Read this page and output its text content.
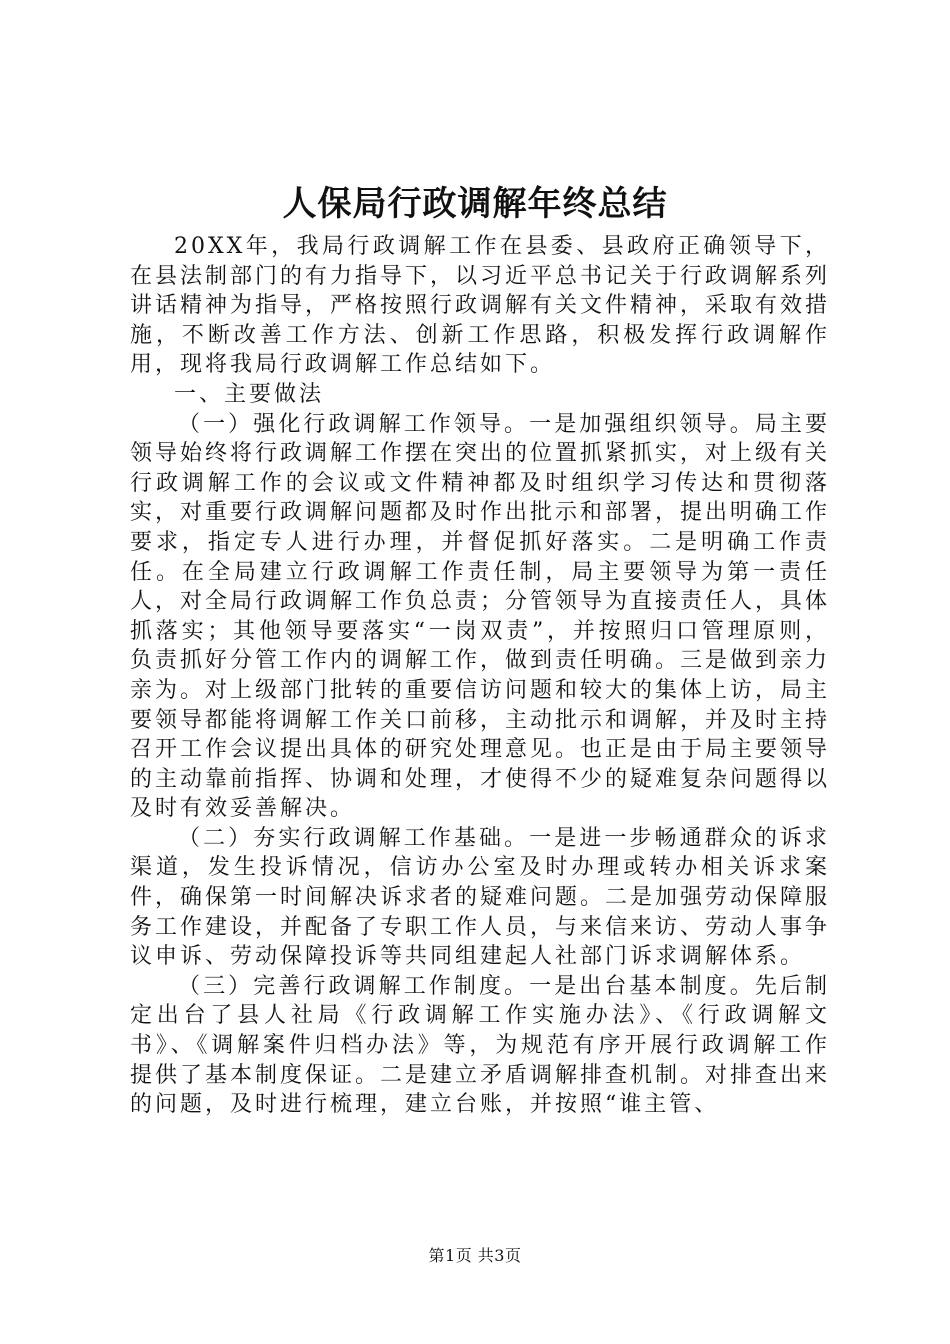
人保局行政调解年终总结

20XX年，我局行政调解工作在县委、县政府正确领导下，在县法制部门的有力指导下，以习近平总书记关于行政调解系列讲话精神为指导，严格按照行政调解有关文件精神，采取有效措施，不断改善工作方法、创新工作思路，积极发挥行政调解作用，现将我局行政调解工作总结如下。

一、主要做法

（一）强化行政调解工作领导。一是加强组织领导。局主要领导始终将行政调解工作摆在突出的位置抓紧抓实，对上级有关行政调解工作的会议或文件精神都及时组织学习传达和贯彻落实，对重要行政调解问题都及时作出批示和部署，提出明确工作要求，指定专人进行办理，并督促抓好落实。二是明确工作责任。在全局建立行政调解工作责任制，局主要领导为第一责任人，对全局行政调解工作负总责；分管领导为直接责任人，具体抓落实；其他领导要落实“一岗双责”，并按照归口管理原则，负责抓好分管工作内的调解工作，做到责任明确。三是做到亲力亲为。对上级部门批转的重要信访问题和较大的集体上访，局主要领导都能将调解工作关口前移，主动批示和调解，并及时主持召开工作会议提出具体的研究处理意见。也正是由于局主要领导的主动靠前指挥、协调和处理，才使得不少的疑难复杂问题得以及时有效妥善解决。

（二）夯实行政调解工作基础。一是进一步畅通群众的诉求渠道，发生投诉情况，信访办公室及时办理或转办相关诉求案件，确保第一时间解决诉求者的疑难问题。二是加强劳动保障服务工作建设，并配备了专职工作人员，与来信来访、劳动人事争议申诉、劳动保障投诉等共同组建起人社部门诉求调解体系。

（三）完善行政调解工作制度。一是出台基本制度。先后制定出台了县人社局《行政调解工作实施办法》、《行政调解文书》、《调解案件归档办法》等，为规范有序开展行政调解工作提供了基本制度保证。二是建立矛盾调解排查机制。对排查出来的问题，及时进行梳理，建立台账，并按照“谁主管、

第1页 共3页
